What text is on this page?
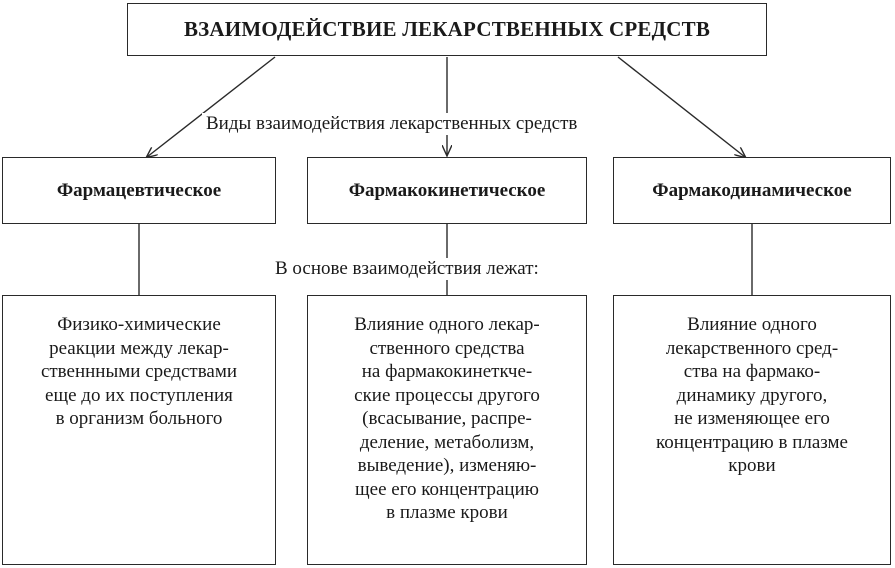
ВЗАИМОДЕЙСТВИЕ ЛЕКАРСТВЕННЫХ СРЕДСТВ
Виды взаимодействия лекарственных средств
Фармацевтическое	Фармакокинетическое	Фармакодинамическое
В основе взаимодействия лежат:
Физико-химические
реакции между лекар-
ственнными средствами
еще до их поступления
в организм больного
Влияние одного лекар-
ственного средства
на фармакокинеткче-
ские процессы другого
(всасывание, распре-
деление, метаболизм,
выведение), изменяю-
щее его концентрацию
в плазме крови
Влияние одного
лекарственного сред-
ства на фармако-
динамику другого,
не изменяющее его
концентрацию в плазме
крови
